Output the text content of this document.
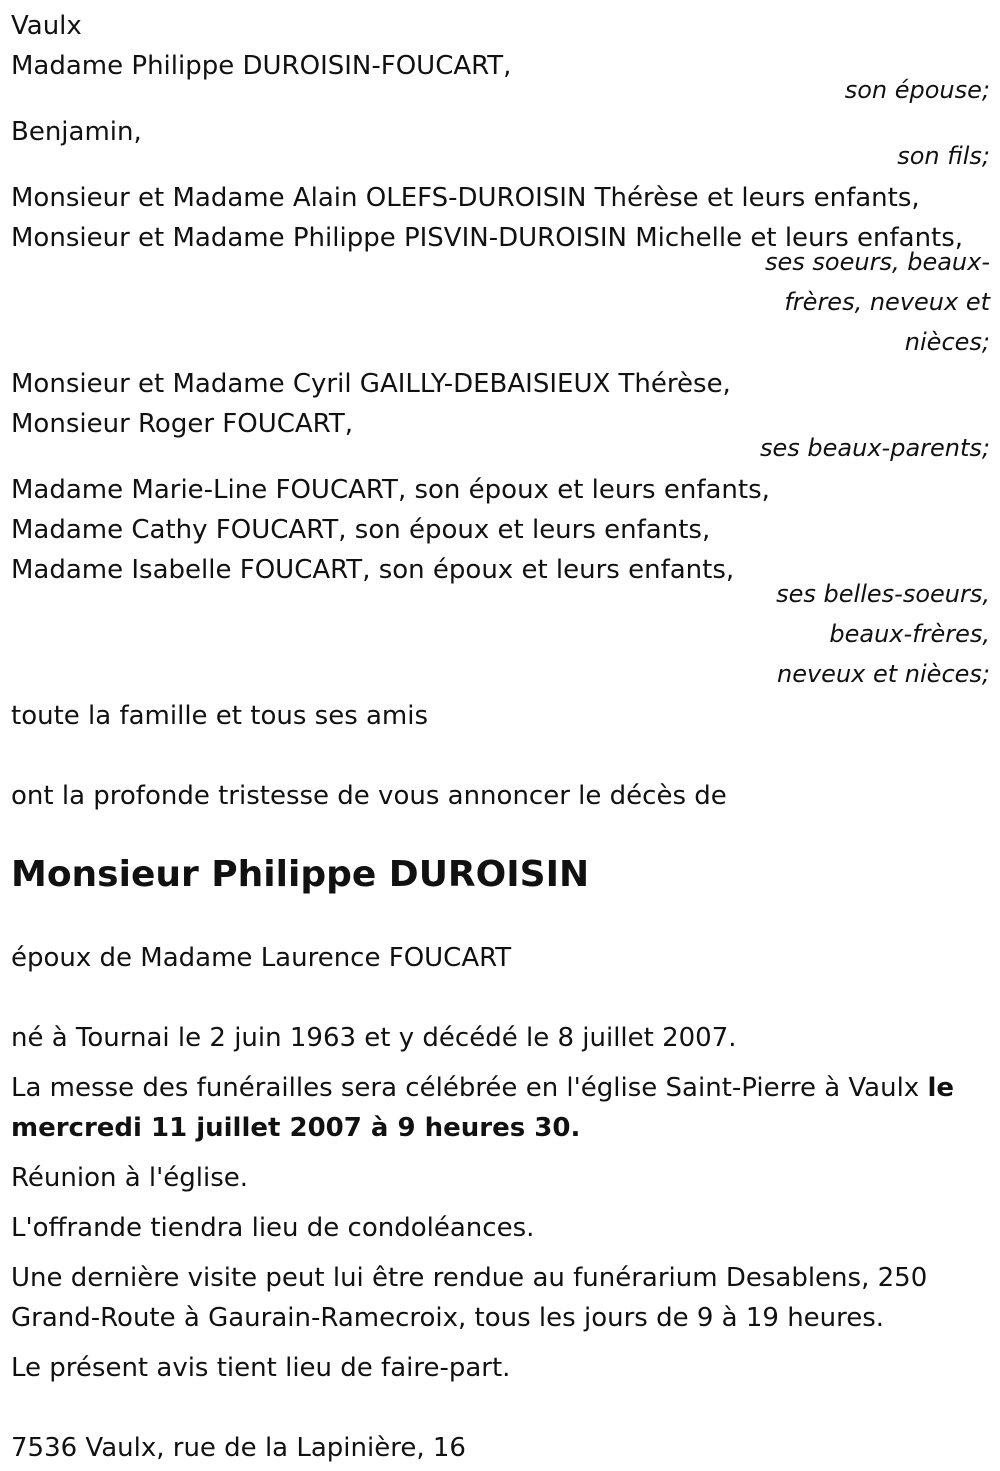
Vaulx
Madame Philippe DUROISIN-FOUCART,
son épouse;
Benjamin,
son fils;
Monsieur et Madame Alain OLEFS-DUROISIN Thérèse et leurs enfants,
Monsieur et Madame Philippe PISVIN-DUROISIN Michelle et leurs enfants,
ses soeurs, beaux-
frères, neveux et
nièces;
Monsieur et Madame Cyril GAILLY-DEBAISIEUX Thérèse,
Monsieur Roger FOUCART,
ses beaux-parents;
Madame Marie-Line FOUCART, son époux et leurs enfants,
Madame Cathy FOUCART, son époux et leurs enfants,
Madame Isabelle FOUCART, son époux et leurs enfants,
ses belles-soeurs,
beaux-frères,
neveux et nièces;
toute la famille et tous ses amis
ont la profonde tristesse de vous annoncer le décès de
Monsieur Philippe DUROISIN
époux de Madame Laurence FOUCART

né à Tournai le 2 juin 1963 et y décédé le 8 juillet 2007.

La messe des funérailles sera célébrée en l'église Saint-Pierre à Vaulx le mercredi 11 juillet 2007 à 9 heures 30.

Réunion à l'église.

L'offrande tiendra lieu de condoléances.

Une dernière visite peut lui être rendue au funérarium Desablens, 250 Grand-Route à Gaurain-Ramecroix, tous les jours de 9 à 19 heures.

Le présent avis tient lieu de faire-part.

7536 Vaulx, rue de la Lapinière, 16
